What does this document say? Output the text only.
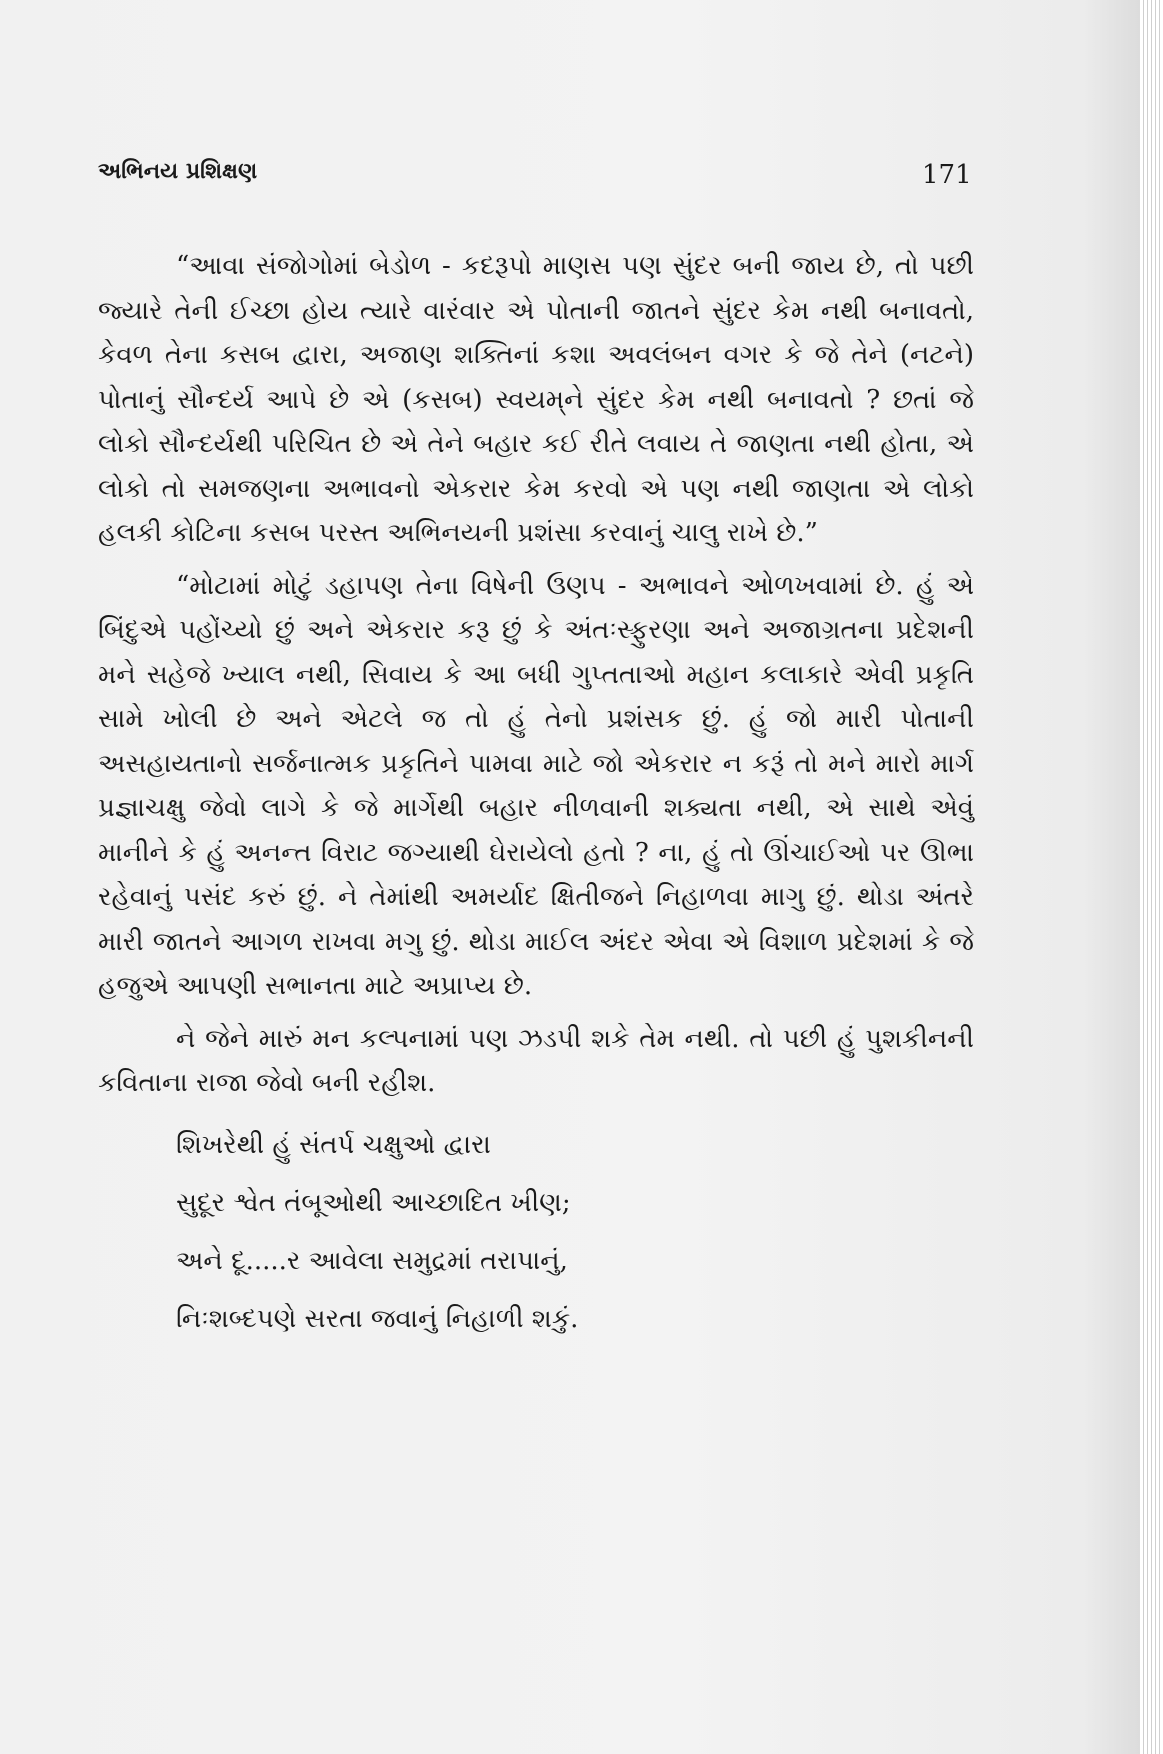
અભિનય પ્રશિક્ષણ	171

“આવા સંજોગોમાં બેડોળ - કદરૂપો માણસ પણ સુંદર બની જાય છે, તો પછી જ્યારે તેની ઈચ્છા હોય ત્યારે વારંવાર એ પોતાની જાતને સુંદર કેમ નથી બનાવતો, કેવળ તેના કસબ દ્વારા, અજાણ શક્તિનાં કશા અવલંબન વગર કે જે તેને (નટને) પોતાનું સૌન્દર્ય આપે છે એ (કસબ) સ્વયમ્‌ને સુંદર કેમ નથી બનાવતો ? છતાં જે લોકો સૌન્દર્યથી પરિચિત છે એ તેને બહાર કઈ રીતે લવાય તે જાણતા નથી હોતા, એ લોકો તો સમજણના અભાવનો એકરાર કેમ કરવો એ પણ નથી જાણતા એ લોકો હલકી કોટિના કસબ પરસ્ત અભિનયની પ્રશંસા કરવાનું ચાલુ રાખે છે.”

“મોટામાં મોટું ડહાપણ તેના વિષેની ઉણપ - અભાવને ઓળખવામાં છે. હું એ બિંદુએ પહોંચ્યો છું અને એકરાર કરૂ છું કે અંતઃસ્ફુરણા અને અજાગ્રતના પ્રદેશની મને સહેજે ખ્યાલ નથી, સિવાય કે આ બધી ગુપ્તતાઓ મહાન કલાકારે એવી પ્રકૃતિ સામે ખોલી છે અને એટલે જ તો હું તેનો પ્રશંસક છું. હું જો મારી પોતાની અસહાયતાનો સર્જનાત્મક પ્રકૃતિને પામવા માટે જો એકરાર ન કરૂં તો મને મારો માર્ગ પ્રજ્ઞાચક્ષુ જેવો લાગે કે જે માર્ગેથી બહાર નીળવાની શક્યતા નથી, એ સાથે એવું માનીને કે હું અનન્ત વિરાટ જગ્યાથી ઘેરાયેલો હતો ? ના, હું તો ઊંચાઈઓ પર ઊભા રહેવાનું પસંદ કરું છું. ને તેમાંથી અમર્યાદ ક્ષિતીજને નિહાળવા માગુ છું. થોડા અંતરે મારી જાતને આગળ રાખવા મગુ છું. થોડા માઈલ અંદર એવા એ વિશાળ પ્રદેશમાં કે જે હજુએ આપણી સભાનતા માટે અપ્રાપ્ય છે.

ને જેને મારું મન કલ્પનામાં પણ ઝડપી શકે તેમ નથી. તો પછી હું પુશકીનની કવિતાના રાજા જેવો બની રહીશ.

શિખરેથી હું સંતર્પ ચક્ષુઓ દ્વારા
સુદૂર શ્વેત તંબૂઓથી આચ્છાદિત ખીણ;
અને દૂ.....ર આવેલા સમુદ્રમાં તરાપાનું,
નિઃશબ્દપણે સરતા જવાનું નિહાળી શકું.
